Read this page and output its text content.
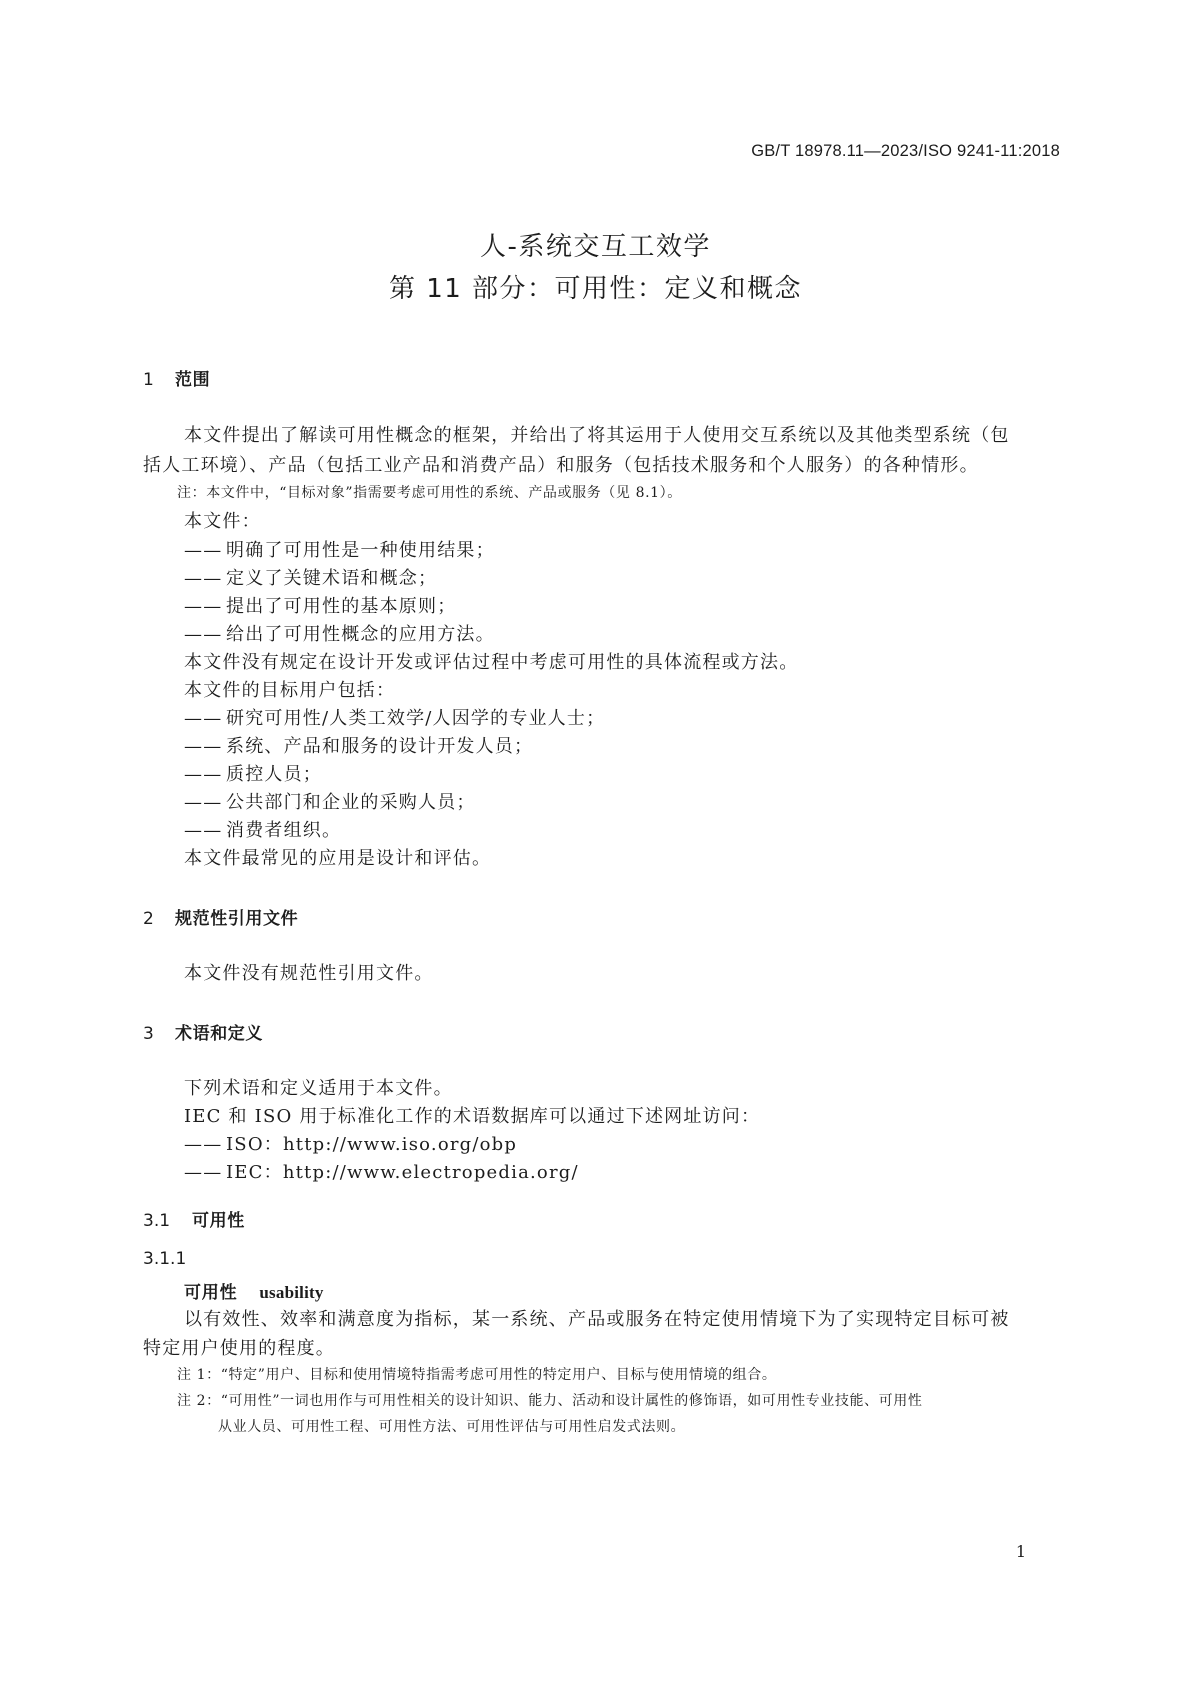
GB/T 18978.11—2023/ISO 9241-11:2018
人-系统交互工效学
第 11 部分：可用性：定义和概念
1 范围
本文件提出了解读可用性概念的框架，并给出了将其运用于人使用交互系统以及其他类型系统（包
括人工环境）、产品（包括工业产品和消费产品）和服务（包括技术服务和个人服务）的各种情形。
注：本文件中，“目标对象”指需要考虑可用性的系统、产品或服务（见 8.1）。
本文件：
—— 明确了可用性是一种使用结果；
—— 定义了关键术语和概念；
—— 提出了可用性的基本原则；
—— 给出了可用性概念的应用方法。
本文件没有规定在设计开发或评估过程中考虑可用性的具体流程或方法。
本文件的目标用户包括：
—— 研究可用性/人类工效学/人因学的专业人士；
—— 系统、产品和服务的设计开发人员；
—— 质控人员；
—— 公共部门和企业的采购人员；
—— 消费者组织。
本文件最常见的应用是设计和评估。
2 规范性引用文件
本文件没有规范性引用文件。
3 术语和定义
下列术语和定义适用于本文件。
IEC 和 ISO 用于标准化工作的术语数据库可以通过下述网址访问：
—— ISO：http://www.iso.org/obp
—— IEC：http://www.electropedia.org/
3.1 可用性
3.1.1
可用性 usability
以有效性、效率和满意度为指标，某一系统、产品或服务在特定使用情境下为了实现特定目标可被
特定用户使用的程度。
注 1：“特定”用户、目标和使用情境特指需考虑可用性的特定用户、目标与使用情境的组合。
注 2：“可用性”一词也用作与可用性相关的设计知识、能力、活动和设计属性的修饰语，如可用性专业技能、可用性
从业人员、可用性工程、可用性方法、可用性评估与可用性启发式法则。
1
